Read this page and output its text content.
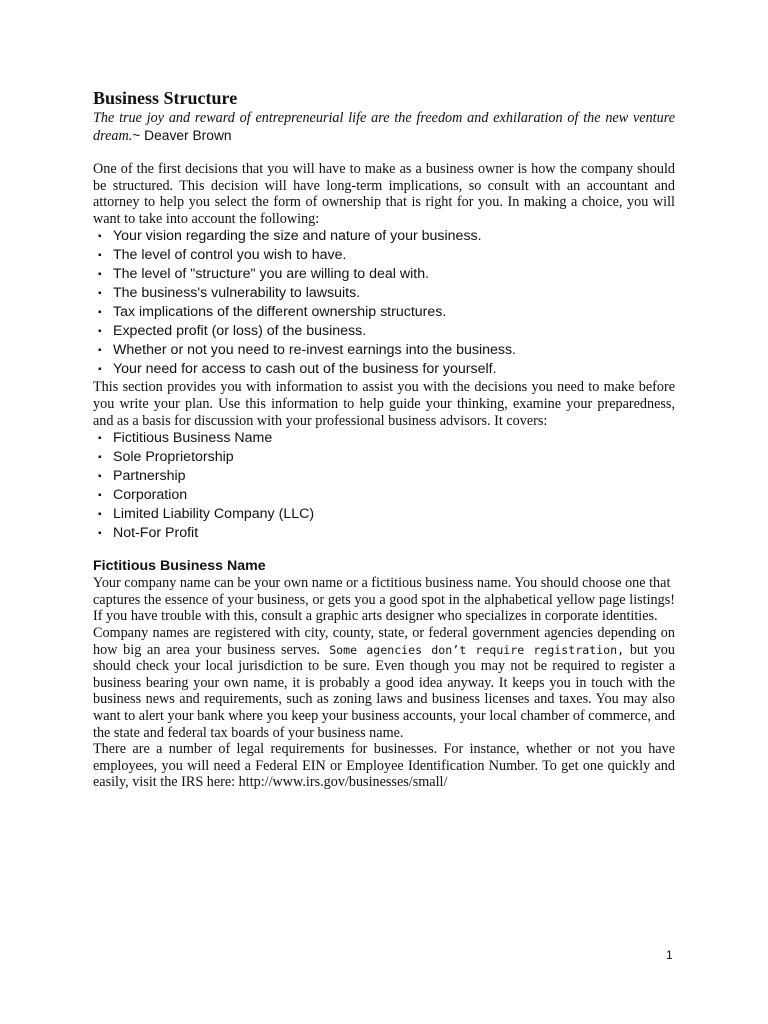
Business Structure

The true joy and reward of entrepreneurial life are the freedom and exhilaration of the new venture dream.~ Deaver Brown

One of the first decisions that you will have to make as a business owner is how the company should be structured. This decision will have long-term implications, so consult with an accountant and attorney to help you select the form of ownership that is right for you. In making a choice, you will want to take into account the following:

▪ Your vision regarding the size and nature of your business.
▪ The level of control you wish to have.
▪ The level of "structure" you are willing to deal with.
▪ The business's vulnerability to lawsuits.
▪ Tax implications of the different ownership structures.
▪ Expected profit (or loss) of the business.
▪ Whether or not you need to re-invest earnings into the business.
▪ Your need for access to cash out of the business for yourself.

This section provides you with information to assist you with the decisions you need to make before you write your plan. Use this information to help guide your thinking, examine your preparedness, and as a basis for discussion with your professional business advisors. It covers:

▪ Fictitious Business Name
▪ Sole Proprietorship
▪ Partnership
▪ Corporation
▪ Limited Liability Company (LLC)
▪ Not-For Profit
Fictitious Business Name

Your company name can be your own name or a fictitious business name. You should choose one that

captures the essence of your business, or gets you a good spot in the alphabetical yellow page listings! If you have trouble with this, consult a graphic arts designer who specializes in corporate identities.

Company names are registered with city, county, state, or federal government agencies depending on how big an area your business serves. Some agencies don’t require registration, but you should check your local jurisdiction to be sure. Even though you may not be required to register a business bearing your own name, it is probably a good idea anyway. It keeps you in touch with the business news and requirements, such as zoning laws and business licenses and taxes. You may also want to alert your bank where you keep your business accounts, your local chamber of commerce, and the state and federal tax boards of your business name.

There are a number of legal requirements for businesses. For instance, whether or not you have employees, you will need a Federal EIN or Employee Identification Number. To get one quickly and easily, visit the IRS here: http://www.irs.gov/businesses/small/

1
